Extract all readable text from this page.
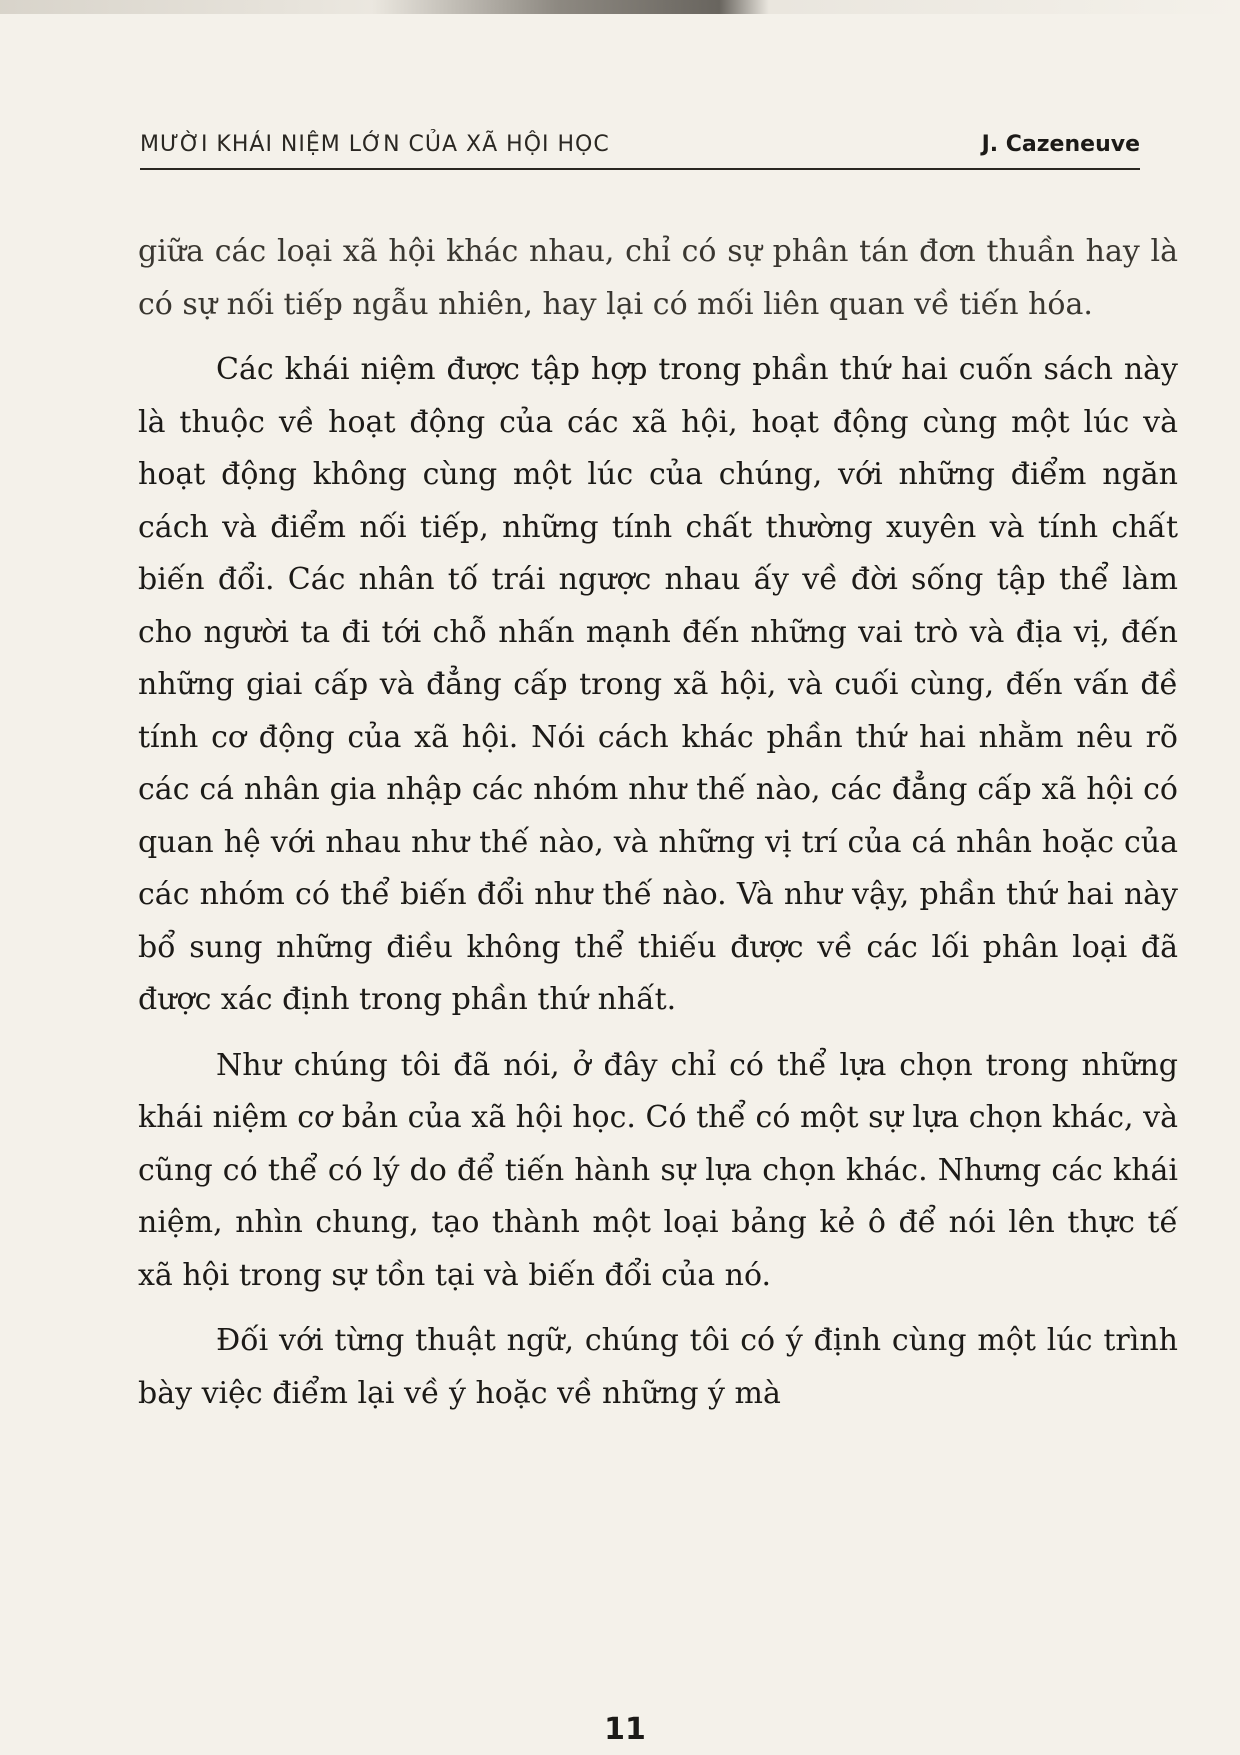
MƯỜI KHÁI NIỆM LỚN CỦA XÃ HỘI HỌC	J. Cazeneuve

giữa các loại xã hội khác nhau, chỉ có sự phân tán đơn thuần hay là có sự nối tiếp ngẫu nhiên, hay lại có mối liên quan về tiến hóa.

Các khái niệm được tập hợp trong phần thứ hai cuốn sách này là thuộc về hoạt động của các xã hội, hoạt động cùng một lúc và hoạt động không cùng một lúc của chúng, với những điểm ngăn cách và điểm nối tiếp, những tính chất thường xuyên và tính chất biến đổi. Các nhân tố trái ngược nhau ấy về đời sống tập thể làm cho người ta đi tới chỗ nhấn mạnh đến những vai trò và địa vị, đến những giai cấp và đẳng cấp trong xã hội, và cuối cùng, đến vấn đề tính cơ động của xã hội. Nói cách khác phần thứ hai nhằm nêu rõ các cá nhân gia nhập các nhóm như thế nào, các đẳng cấp xã hội có quan hệ với nhau như thế nào, và những vị trí của cá nhân hoặc của các nhóm có thể biến đổi như thế nào. Và như vậy, phần thứ hai này bổ sung những điều không thể thiếu được về các lối phân loại đã được xác định trong phần thứ nhất.

Như chúng tôi đã nói, ở đây chỉ có thể lựa chọn trong những khái niệm cơ bản của xã hội học. Có thể có một sự lựa chọn khác, và cũng có thể có lý do để tiến hành sự lựa chọn khác. Nhưng các khái niệm, nhìn chung, tạo thành một loại bảng kẻ ô để nói lên thực tế xã hội trong sự tồn tại và biến đổi của nó.

Đối với từng thuật ngữ, chúng tôi có ý định cùng một lúc trình bày việc điểm lại về ý hoặc về những ý mà

11
